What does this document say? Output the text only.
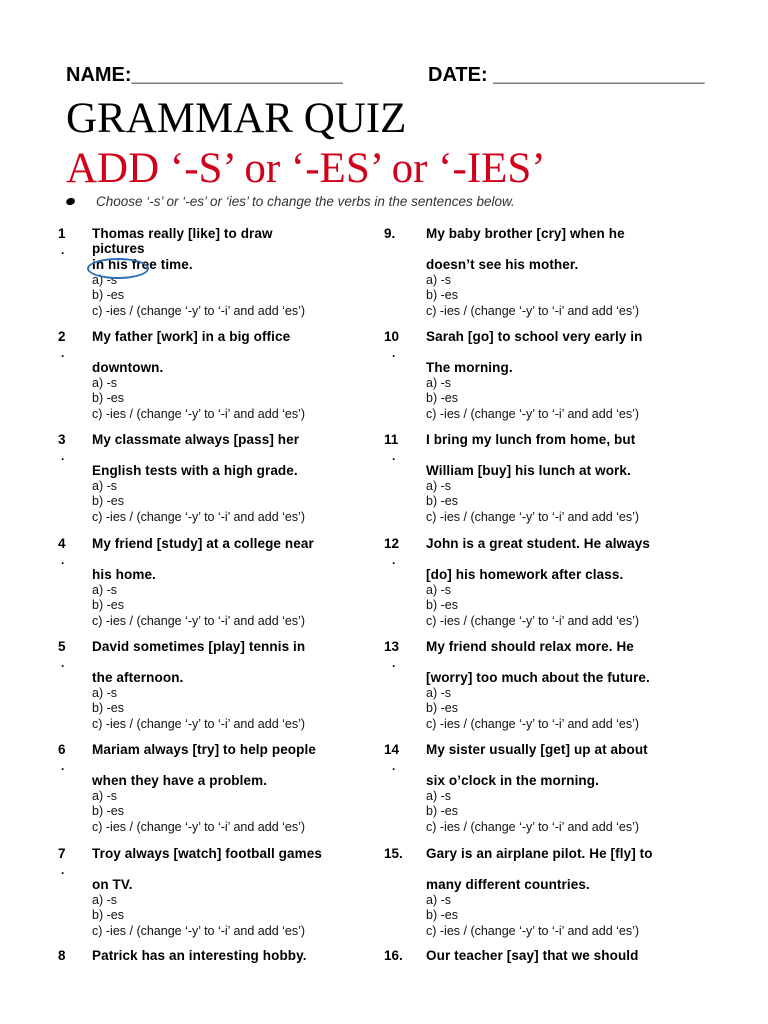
NAME:___________________	DATE: ___________________
GRAMMAR QUIZ
ADD ‘-S’ or ‘-ES’ or ‘-IES’
Choose ‘-s’ or ‘-es’ or ‘ies’ to change the verbs in the sentences below.
1
.
Thomas really [like] to draw
pictures
in his free time.
a) -s
b) -es
c) -ies / (change ‘-y’ to ‘-i’ and add ‘es’)
2
.
My father [work] in a big office
downtown.
a) -s
b) -es
c) -ies / (change ‘-y’ to ‘-i’ and add ‘es’)
3
.
My classmate always [pass] her
English tests with a high grade.
a) -s
b) -es
c) -ies / (change ‘-y’ to ‘-i’ and add ‘es’)
4
.
My friend [study] at a college near
his home.
a) -s
b) -es
c) -ies / (change ‘-y’ to ‘-i’ and add ‘es’)
5
.
David sometimes [play] tennis in
the afternoon.
a) -s
b) -es
c) -ies / (change ‘-y’ to ‘-i’ and add ‘es’)
6
.
Mariam always [try] to help people
when they have a problem.
a) -s
b) -es
c) -ies / (change ‘-y’ to ‘-i’ and add ‘es’)
7
.
Troy always [watch] football games
on TV.
a) -s
b) -es
c) -ies / (change ‘-y’ to ‘-i’ and add ‘es’)
8	Patrick has an interesting hobby.
9.	My baby brother [cry] when he
doesn’t see his mother.
a) -s
b) -es
c) -ies / (change ‘-y’ to ‘-i’ and add ‘es’)
10
.
Sarah [go] to school very early in
The morning.
a) -s
b) -es
c) -ies / (change ‘-y’ to ‘-i’ and add ‘es’)
11
.
I bring my lunch from home, but
William [buy] his lunch at work.
a) -s
b) -es
c) -ies / (change ‘-y’ to ‘-i’ and add ‘es’)
12
.
John is a great student. He always
[do] his homework after class.
a) -s
b) -es
c) -ies / (change ‘-y’ to ‘-i’ and add ‘es’)
13
.
My friend should relax more. He
[worry] too much about the future.
a) -s
b) -es
c) -ies / (change ‘-y’ to ‘-i’ and add ‘es’)
14
.
My sister usually [get] up at about
six o’clock in the morning.
a) -s
b) -es
c) -ies / (change ‘-y’ to ‘-i’ and add ‘es’)
15.	Gary is an airplane pilot. He [fly] to
many different countries.
a) -s
b) -es
c) -ies / (change ‘-y’ to ‘-i’ and add ‘es’)
16.	Our teacher [say] that we should
